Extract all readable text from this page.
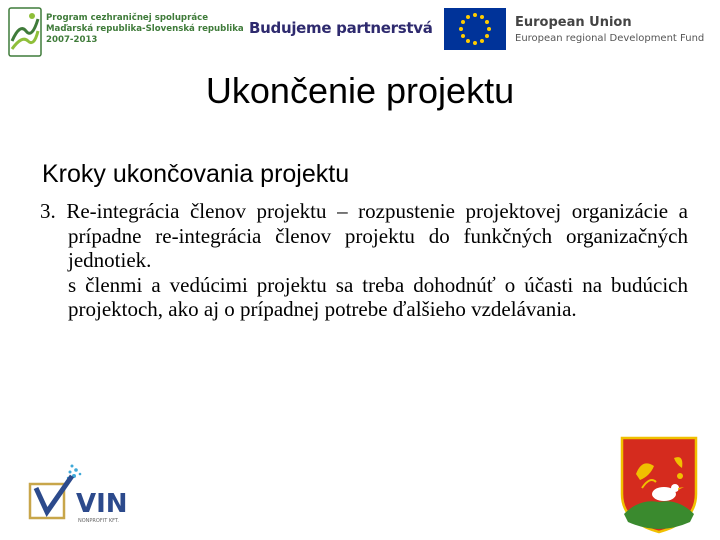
Program cezhraničnej spolupráce
Maďarská republika-Slovenská republika
2007-2013
Budujeme partnerstvá	European Union
European regional Development Fund
Ukončenie projektu
Kroky ukončovania projektu

3. Re-integrácia členov projektu – rozpustenie projektovej organizácie a prípadne re-integrácia členov projektu do funkčných organizačných jednotiek.

s členmi a vedúcimi projektu sa treba dohodnúť o účasti na budúcich projektoch, ako aj o prípadnej potrebe ďalšieho vzdelávania.

VIN
NONPROFIT KFT.
